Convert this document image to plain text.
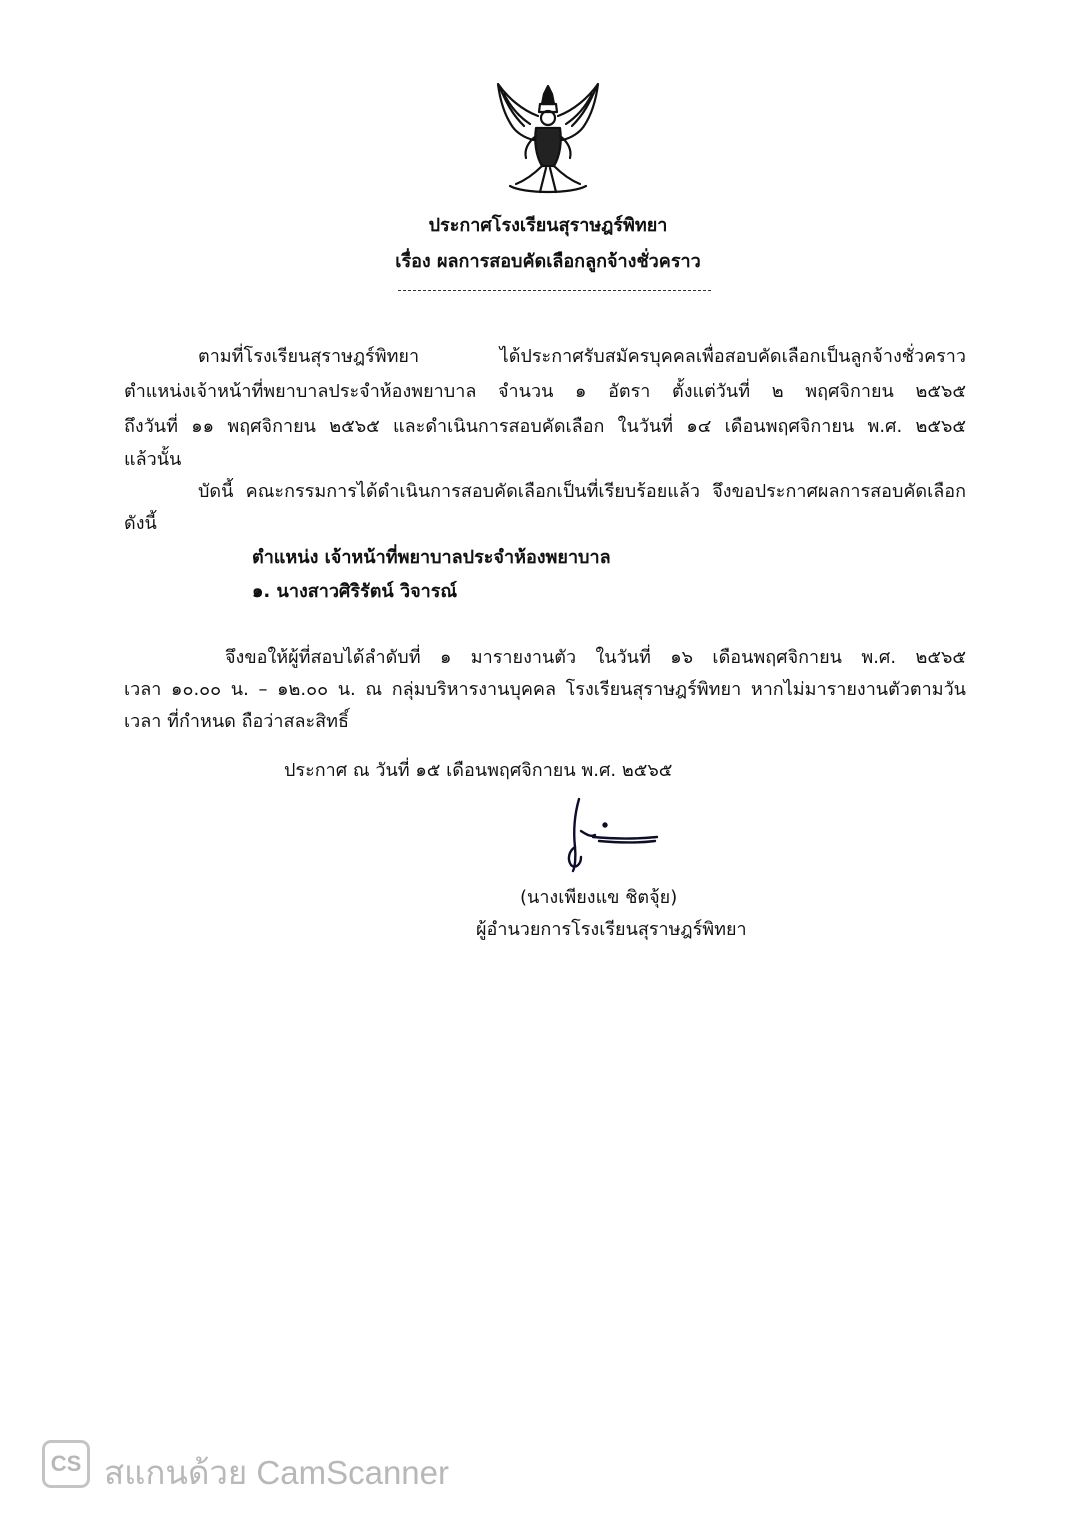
ประกาศโรงเรียนสุราษฎร์พิทยา
เรื่อง ผลการสอบคัดเลือกลูกจ้างชั่วคราว
ตามที่โรงเรียนสุราษฎร์พิทยา ได้ประกาศรับสมัครบุคคลเพื่อสอบคัดเลือกเป็นลูกจ้างชั่วคราว
ตำแหน่งเจ้าหน้าที่พยาบาลประจำห้องพยาบาล จำนวน ๑ อัตรา ตั้งแต่วันที่ ๒ พฤศจิกายน ๒๕๖๕
ถึงวันที่ ๑๑ พฤศจิกายน ๒๕๖๕ และดำเนินการสอบคัดเลือก ในวันที่ ๑๔ เดือนพฤศจิกายน พ.ศ. ๒๕๖๕
แล้วนั้น
บัดนี้ คณะกรรมการได้ดำเนินการสอบคัดเลือกเป็นที่เรียบร้อยแล้ว จึงขอประกาศผลการสอบคัดเลือก
ดังนี้
ตำแหน่ง เจ้าหน้าที่พยาบาลประจำห้องพยาบาล
๑. นางสาวศิริรัตน์ วิจารณ์
จึงขอให้ผู้ที่สอบได้ลำดับที่ ๑ มารายงานตัว ในวันที่ ๑๖ เดือนพฤศจิกายน พ.ศ. ๒๕๖๕
เวลา ๑๐.๐๐ น. – ๑๒.๐๐ น. ณ กลุ่มบริหารงานบุคคล โรงเรียนสุราษฎร์พิทยา หากไม่มารายงานตัวตามวัน
เวลา ที่กำหนด ถือว่าสละสิทธิ์
ประกาศ ณ วันที่ ๑๕ เดือนพฤศจิกายน พ.ศ. ๒๕๖๕
(นางเพียงแข ชิตจุ้ย)
ผู้อำนวยการโรงเรียนสุราษฎร์พิทยา
CS สแกนด้วย CamScanner
